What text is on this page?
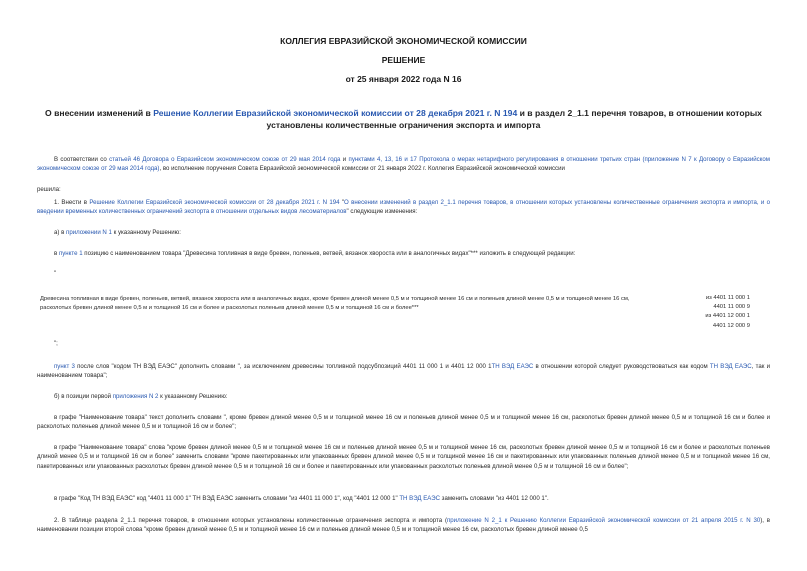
КОЛЛЕГИЯ ЕВРАЗИЙСКОЙ ЭКОНОМИЧЕСКОЙ КОМИССИИ
РЕШЕНИЕ
от 25 января 2022 года N 16
О внесении изменений в Решение Коллегии Евразийской экономической комиссии от 28 декабря 2021 г. N 194 и в раздел 2_1.1 перечня товаров, в отношении которых установлены количественные ограничения экспорта и импорта
В соответствии со статьей 46 Договора о Евразийском экономическом союзе от 29 мая 2014 года и пунктами 4, 13, 16 и 17 Протокола о мерах нетарифного регулирования в отношении третьих стран (приложение N 7 к Договору о Евразийском экономическом союзе от 29 мая 2014 года), во исполнение поручения Совета Евразийской экономической комиссии от 21 января 2022 г. Коллегия Евразийской экономической комиссии
решила:
1. Внести в Решение Коллегии Евразийской экономической комиссии от 28 декабря 2021 г. N 194 "О внесении изменений в раздел 2_1.1 перечня товаров, в отношении которых установлены количественные ограничения экспорта и импорта, и о введении временных количественных ограничений экспорта в отношении отдельных видов лесоматериалов" следующие изменения:
а) в приложении N 1 к указанному Решению:
в пункте 1 позицию с наименованием товара "Древесина топливная в виде бревен, поленьев, ветвей, вязанок хвороста или в аналогичных видах"*** изложить в следующей редакции:
"
Древесина топливная в виде бревен, поленьев, ветвей, вязанок хвороста или в аналогичных видах, кроме бревен длиной менее 0,5 м и толщиной менее 16 см и поленьев длиной менее 0,5 м и толщиной менее 16 см, расколотых бревен длиной менее 0,5 м и толщиной 16 см и более и расколотых поленьев длиной менее 0,5 м и толщиной 16 см и более***
из 4401 11 000 1
4401 11 000 9
из 4401 12 000 1
4401 12 000 9
";
пункт 3 после слов "кодом ТН ВЭД ЕАЭС" дополнить словами ", за исключением древесины топливной подсубпозиций 4401 11 000 1 и 4401 12 000 1ТН ВЭД ЕАЭС в отношении которой следует руководствоваться как кодом ТН ВЭД ЕАЭС, так и наименованием товара";
б) в позиции первой приложения N 2 к указанному Решению:
в графе "Наименование товара" текст дополнить словами ", кроме бревен длиной менее 0,5 м и толщиной менее 16 см и поленьев длиной менее 0,5 м и толщиной менее 16 см, расколотых бревен длиной менее 0,5 м и толщиной 16 см и более и расколотых поленьев длиной менее 0,5 м и толщиной 16 см и более";
в графе "Наименование товара" слова "кроме бревен длиной менее 0,5 м и толщиной менее 16 см и поленьев длиной менее 0,5 м и толщиной менее 16 см, расколотых бревен длиной менее 0,5 м и толщиной 16 см и более и расколотых поленьев длиной менее 0,5 м и толщиной 16 см и более" заменить словами "кроме пакетированных или упакованных бревен длиной менее 0,5 м и толщиной менее 16 см и пакетированных или упакованных поленьев длиной менее 0,5 м и толщиной менее 16 см, пакетированных или упакованных расколотых бревен длиной менее 0,5 м и толщиной 16 см и более и пакетированных или упакованных расколотых поленьев длиной менее 0,5 м и толщиной 16 см и более";
в графе "Код ТН ВЭД ЕАЭС" код "4401 11 000 1" ТН ВЭД ЕАЭС заменить словами "из 4401 11 000 1", код "4401 12 000 1" ТН ВЭД ЕАЭС заменить словами "из 4401 12 000 1".
2. В таблице раздела 2_1.1 перечня товаров, в отношении которых установлены количественные ограничения экспорта и импорта (приложение N 2_1 к Решению Коллегии Евразийской экономической комиссии от 21 апреля 2015 г. N 30), в наименовании позиции второй слова "кроме бревен длиной менее 0,5 м и толщиной менее 16 см и поленьев длиной менее 0,5 м и толщиной менее 16 см, расколотых бревен длиной менее 0,5
